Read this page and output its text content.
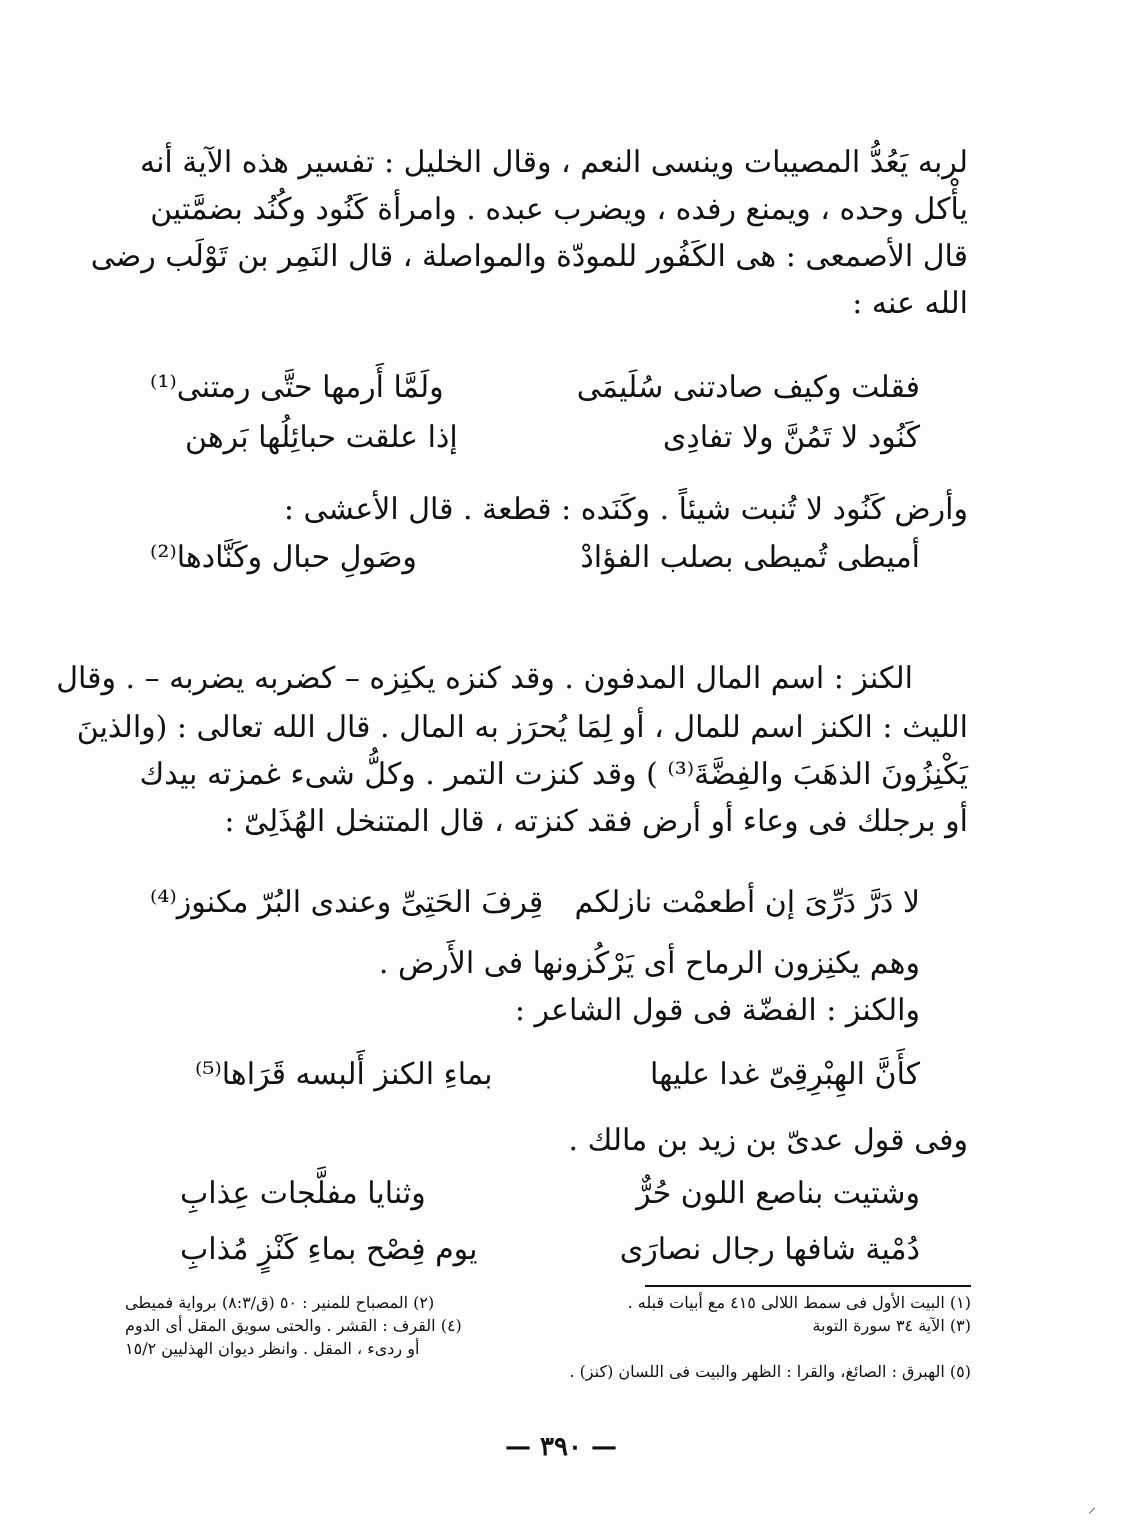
لربه يَعُدُّ المصيبات وينسى النعم ، وقال الخليل : تفسير هذه الآية أنه
يأْكل وحده ، ويمنع رفده ، ويضرب عبده . وامرأة كَنُود وكُنُد بضمَّتين
قال الأصمعى : هى الكَفُور للمودّة والمواصلة ، قال النَمِر بن تَوْلَب رضى
الله عنه :
فقلت وكيف صادتنى سُلَيمَى
ولَمَّا أَرمها حتَّى رمتنى⁽¹⁾
كَنُود لا تَمُنَّ ولا تفادِى
إذا علقت حبائِلُها بَرهن
وأرض كَنُود لا تُنبت شيئاً . وكَنَده : قطعة . قال الأعشى :
أميطى تُميطى بصلب الفؤادْ
وصَولِ حبال وكَنَّادها⁽²⁾
الكنز : اسم المال المدفون . وقد كنزه يكنِزه – كضربه يضربه – . وقال
الليث : الكنز اسم للمال ، أو لِمَا يُحرَز به المال . قال الله تعالى : (والذينَ
يَكْنِزُونَ الذهَبَ والفِضَّةَ⁽³⁾ ) وقد كنزت التمر . وكلُّ شىء غمزته بيدك
أو برجلك فى وعاء أو أرض فقد كنزته ، قال المتنخل الهُذَلِىّ :
لا دَرَّ دَرِّىَ إن أطعمْت نازلكم
قِرفَ الحَتِىِّ وعندى البُرّ مكنوز⁽⁴⁾
وهم يكنِزون الرماح أى يَرْكُزونها فى الأَرض .
والكنز : الفضّة فى قول الشاعر :
كأَنَّ الهِبْرِقِىّ غدا عليها
بماءِ الكنز أَلبسه قَرَاها⁽⁵⁾
وفى قول عدىّ بن زيد بن مالك .
وشتيت بناصع اللون حُرٌّ
وثنايا مفلَّجات عِذابِ
دُمْية شافها رجال نصارَى
يوم فِصْح بماءِ كَنْزٍ مُذابِ
(١) البيت الأول فى سمط اللالى ٤١٥ مع أبيات قبله .
(٢) المصباح للمنير : ٥٠ (ق/٨:٣) برواية فميطى
(٣) الآية ٣٤ سورة التوبة
(٤) القرف : القشر . والحتى سويق المقل أى الدوم
أو ردىء ، المقل . وانظر ديوان الهذليين ١٥/٢
(٥) الهبرق : الصائغ، والقرا : الظهر والبيت فى اللسان (كنز) .
— ٣٩٠ —
⸍
